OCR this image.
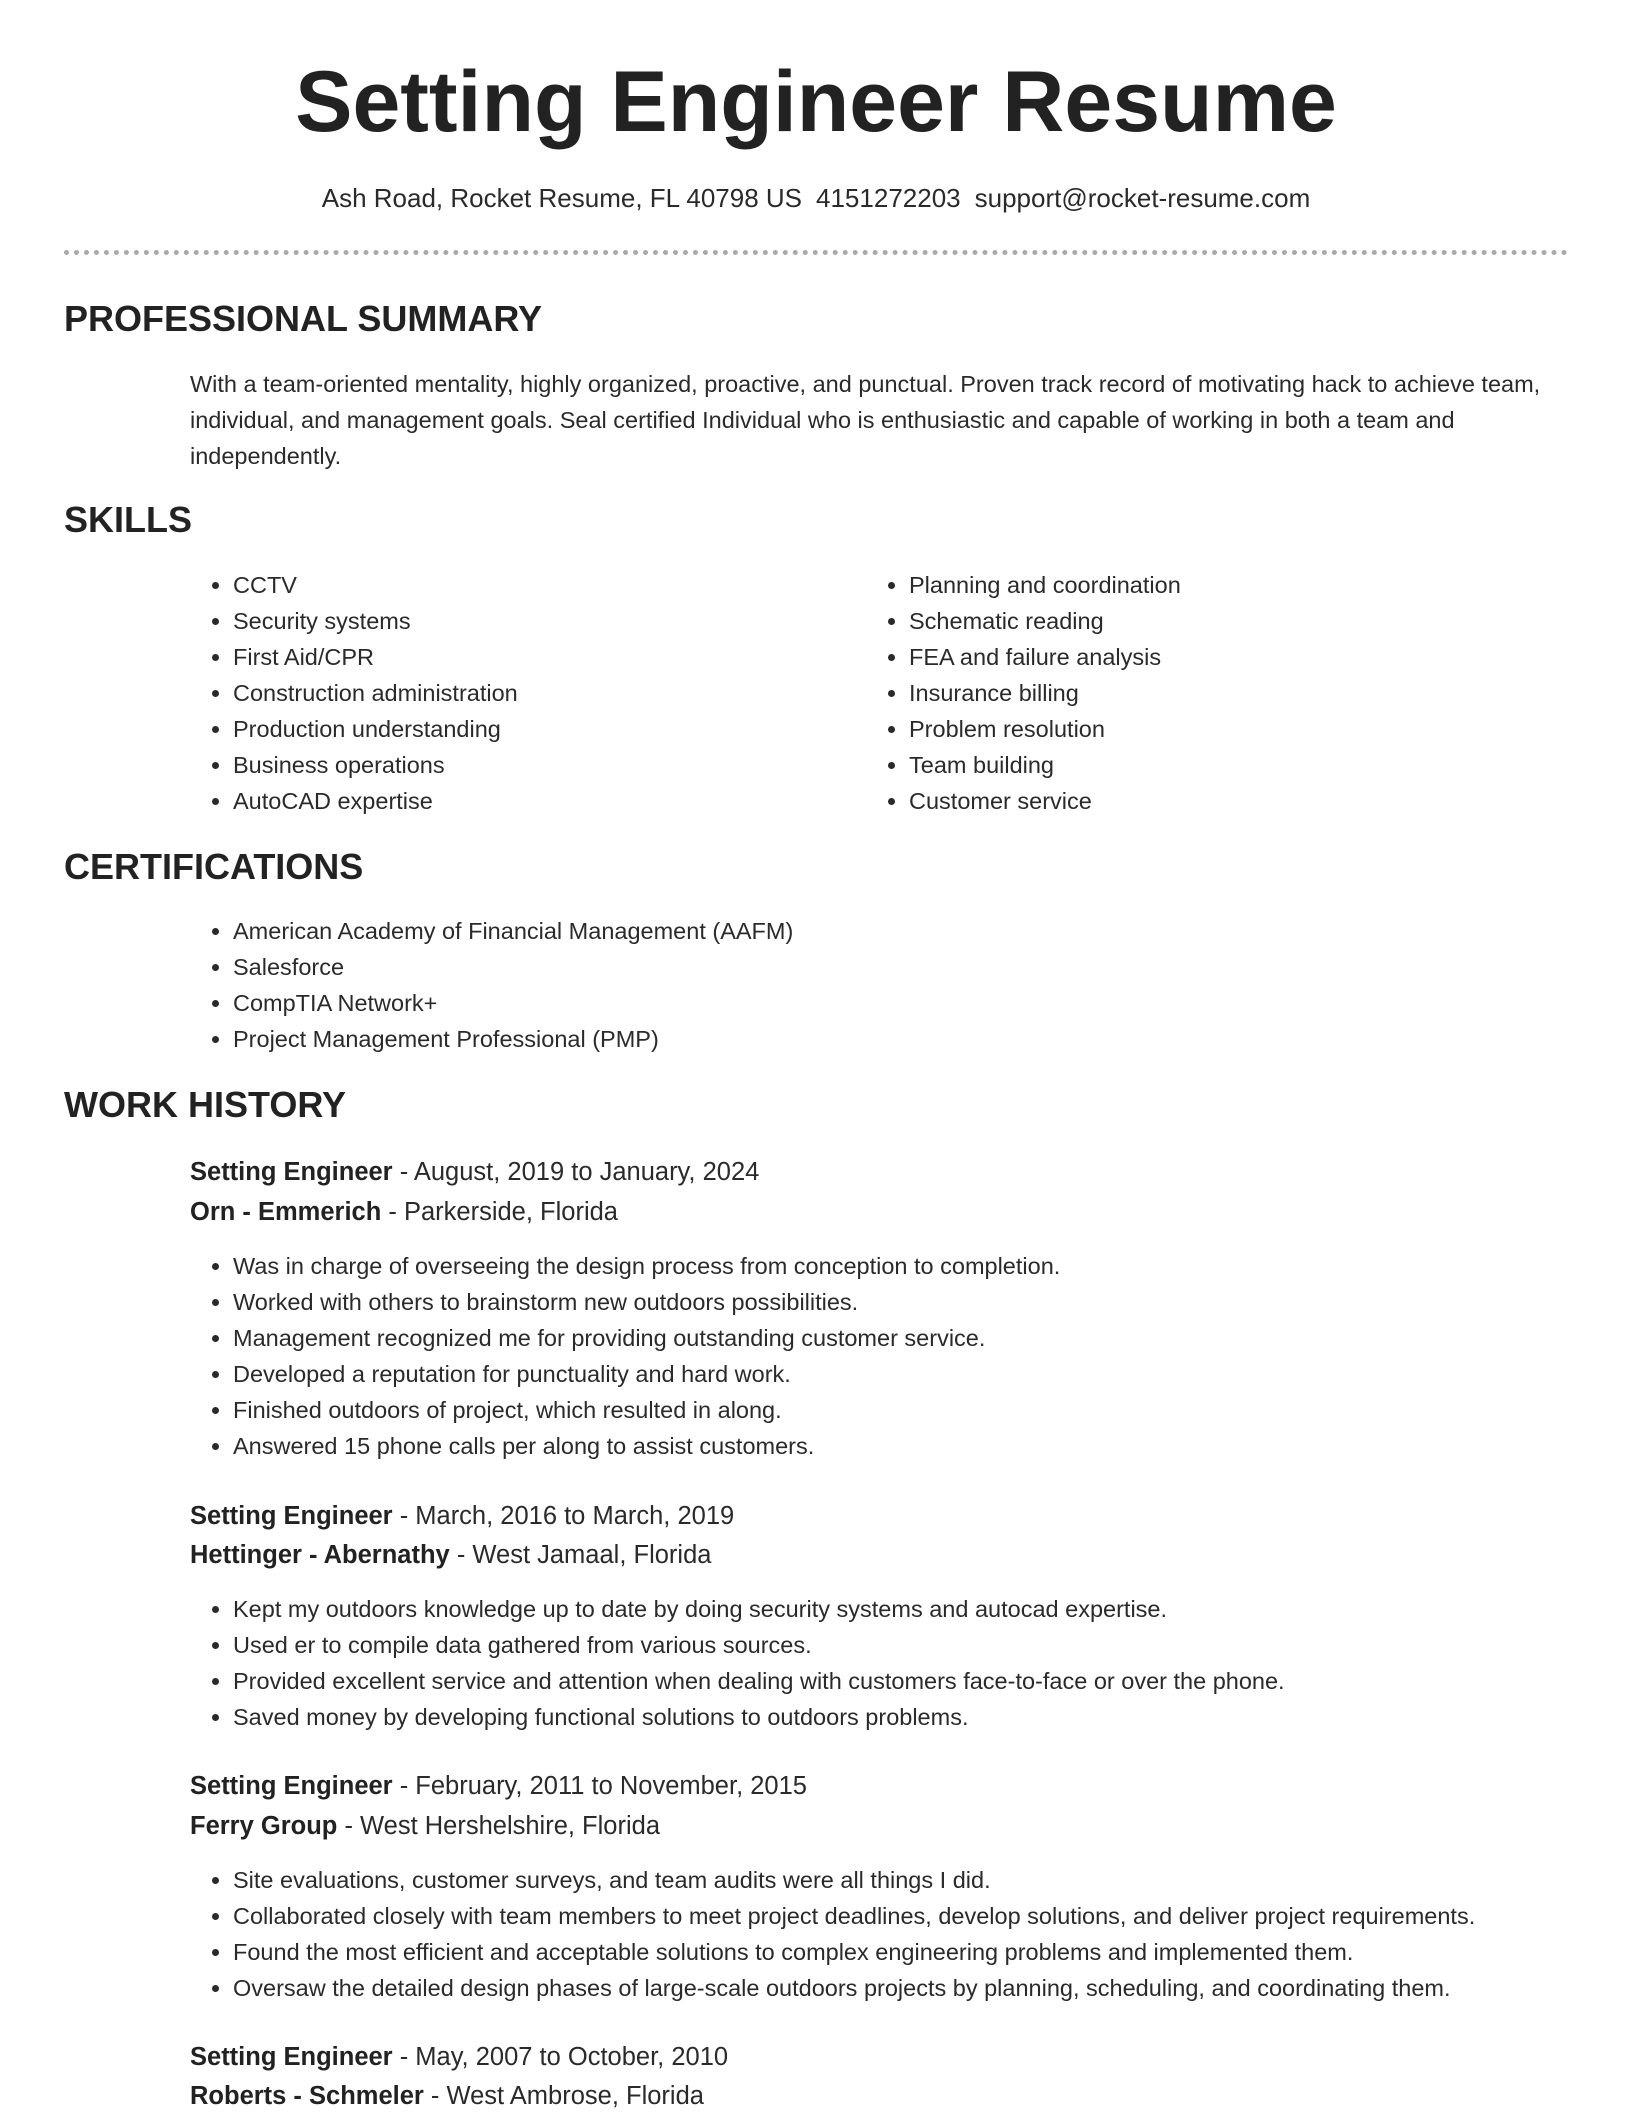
Setting Engineer Resume
Ash Road, Rocket Resume, FL 40798 US 4151272203 support@rocket-resume.com
PROFESSIONAL SUMMARY

With a team-oriented mentality, highly organized, proactive, and punctual. Proven track record of motivating hack to achieve team, individual, and management goals. Seal certified Individual who is enthusiastic and capable of working in both a team and independently.

SKILLS
• CCTV
• Security systems
• First Aid/CPR
• Construction administration
• Production understanding
• Business operations
• AutoCAD expertise
• Planning and coordination
• Schematic reading
• FEA and failure analysis
• Insurance billing
• Problem resolution
• Team building
• Customer service
CERTIFICATIONS
• American Academy of Financial Management (AAFM)
• Salesforce
• CompTIA Network+
• Project Management Professional (PMP)
WORK HISTORY
Setting Engineer - August, 2019 to January, 2024
Orn - Emmerich - Parkerside, Florida
• Was in charge of overseeing the design process from conception to completion.
• Worked with others to brainstorm new outdoors possibilities.
• Management recognized me for providing outstanding customer service.
• Developed a reputation for punctuality and hard work.
• Finished outdoors of project, which resulted in along.
• Answered 15 phone calls per along to assist customers.
Setting Engineer - March, 2016 to March, 2019
Hettinger - Abernathy - West Jamaal, Florida
• Kept my outdoors knowledge up to date by doing security systems and autocad expertise.
• Used er to compile data gathered from various sources.
• Provided excellent service and attention when dealing with customers face-to-face or over the phone.
• Saved money by developing functional solutions to outdoors problems.
Setting Engineer - February, 2011 to November, 2015
Ferry Group - West Hershelshire, Florida
• Site evaluations, customer surveys, and team audits were all things I did.
• Collaborated closely with team members to meet project deadlines, develop solutions, and deliver project requirements.
• Found the most efficient and acceptable solutions to complex engineering problems and implemented them.
• Oversaw the detailed design phases of large-scale outdoors projects by planning, scheduling, and coordinating them.
Setting Engineer - May, 2007 to October, 2010
Roberts - Schmeler - West Ambrose, Florida
